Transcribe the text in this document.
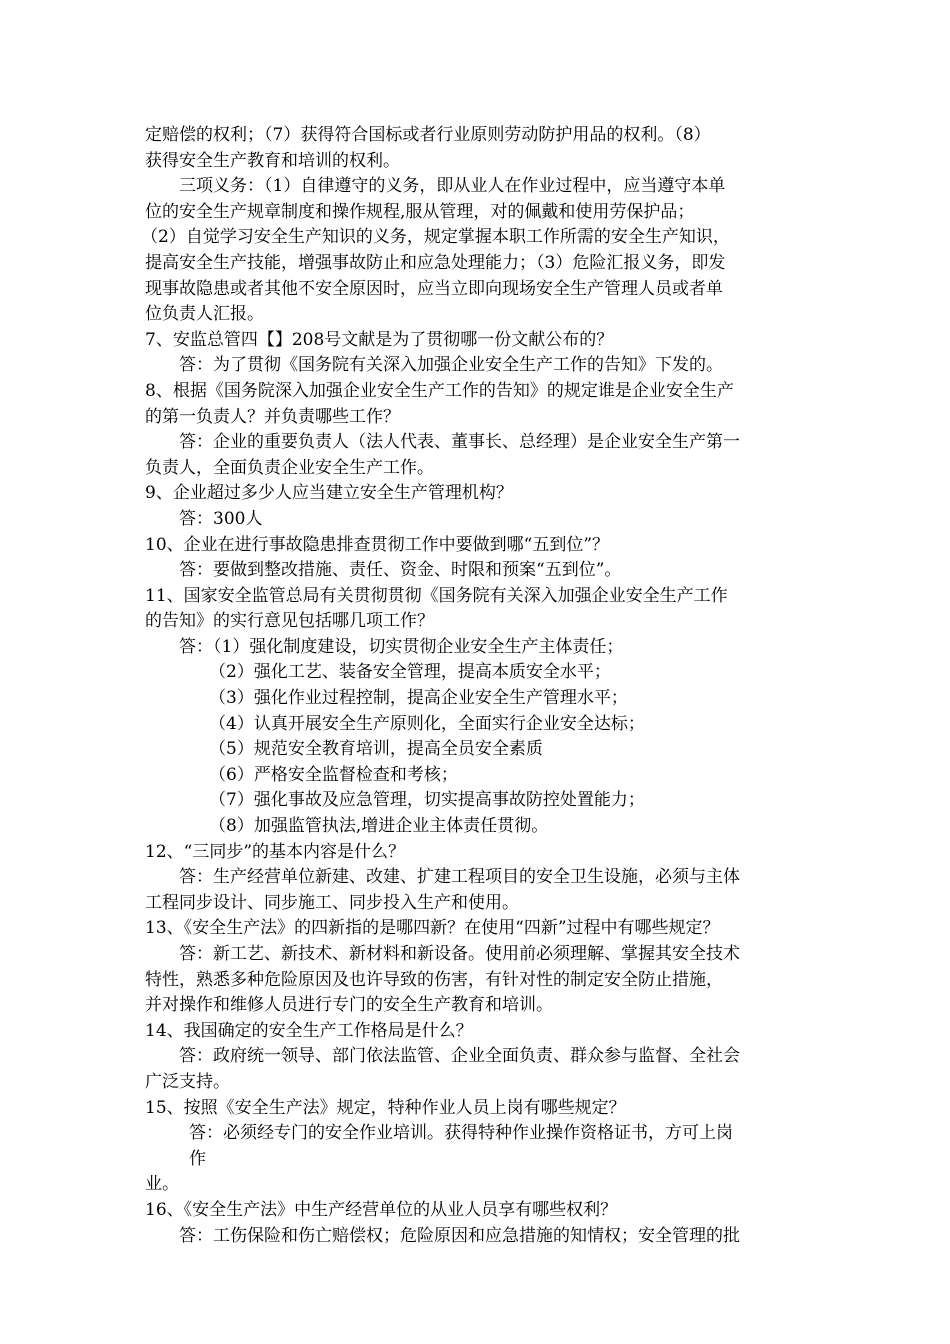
定赔偿的权利；（7）获得符合国标或者行业原则劳动防护用品的权利。（8）
获得安全生产教育和培训的权利。
三项义务：（1）自律遵守的义务，即从业人在作业过程中，应当遵守本单
位的安全生产规章制度和操作规程,服从管理，对的佩戴和使用劳保护品；
（2）自觉学习安全生产知识的义务，规定掌握本职工作所需的安全生产知识，
提高安全生产技能，增强事故防止和应急处理能力；（3）危险汇报义务，即发
现事故隐患或者其他不安全原因时，应当立即向现场安全生产管理人员或者单
位负责人汇报。
7、安监总管四【】208号文献是为了贯彻哪一份文献公布的？
答：为了贯彻《国务院有关深入加强企业安全生产工作的告知》下发的。
8、根据《国务院深入加强企业安全生产工作的告知》的规定谁是企业安全生产
的第一负责人？并负责哪些工作？
答：企业的重要负责人（法人代表、董事长、总经理）是企业安全生产第一
负责人，全面负责企业安全生产工作。
9、企业超过多少人应当建立安全生产管理机构？
答：300人
10、企业在进行事故隐患排查贯彻工作中要做到哪“五到位”？
答：要做到整改措施、责任、资金、时限和预案“五到位”。
11、国家安全监管总局有关贯彻贯彻《国务院有关深入加强企业安全生产工作
的告知》的实行意见包括哪几项工作？
答：（1）强化制度建设，切实贯彻企业安全生产主体责任；
（2）强化工艺、装备安全管理，提高本质安全水平；
（3）强化作业过程控制，提高企业安全生产管理水平；
（4）认真开展安全生产原则化，全面实行企业安全达标；
（5）规范安全教育培训，提高全员安全素质
（6）严格安全监督检查和考核；
（7）强化事故及应急管理，切实提高事故防控处置能力；
（8）加强监管执法,增进企业主体责任贯彻。
12、“三同步”的基本内容是什么？
答：生产经营单位新建、改建、扩建工程项目的安全卫生设施，必须与主体
工程同步设计、同步施工、同步投入生产和使用。
13、《安全生产法》的四新指的是哪四新？在使用“四新”过程中有哪些规定？
答：新工艺、新技术、新材料和新设备。使用前必须理解、掌握其安全技术
特性，熟悉多种危险原因及也许导致的伤害，有针对性的制定安全防止措施，
并对操作和维修人员进行专门的安全生产教育和培训。
14、我国确定的安全生产工作格局是什么？
答：政府统一领导、部门依法监管、企业全面负责、群众参与监督、全社会
广泛支持。
15、按照《安全生产法》规定，特种作业人员上岗有哪些规定？
答：必须经专门的安全作业培训。获得特种作业操作资格证书，方可上岗
作
业。
16、《安全生产法》中生产经营单位的从业人员享有哪些权利？
答：工伤保险和伤亡赔偿权；危险原因和应急措施的知情权；安全管理的批
